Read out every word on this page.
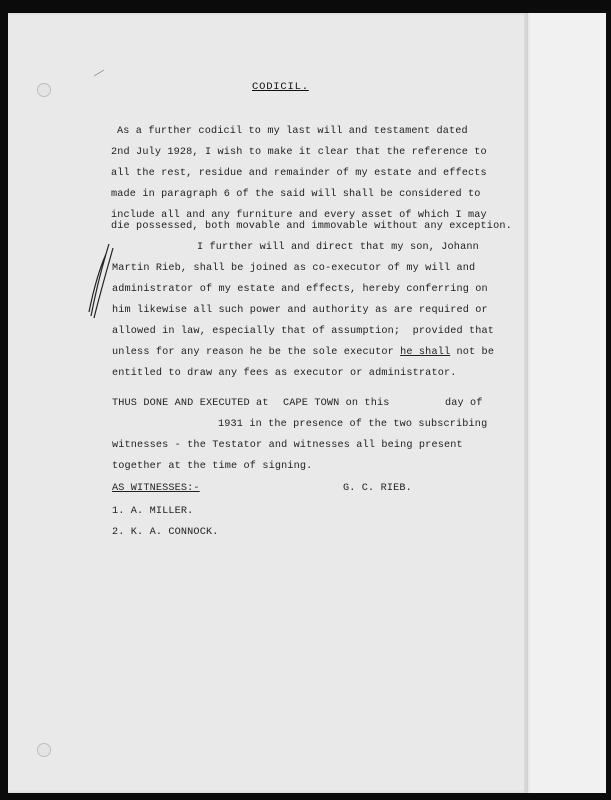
CODICIL.
As a further codicil to my last will and testament dated
2nd July 1928, I wish to make it clear that the reference to
all the rest, residue and remainder of my estate and effects
made in paragraph 6 of the said will shall be considered to
include all and any furniture and every asset of which I may
die possessed, both movable and immovable without any exception.
I further will and direct that my son, Johann
Martin Rieb, shall be joined as co-executor of my will and
administrator of my estate and effects, hereby conferring on
him likewise all such power and authority as are required or
allowed in law, especially that of assumption;  provided that
unless for any reason he be the sole executor he shall not be
entitled to draw any fees as executor or administrator.
THUS DONE AND EXECUTED at CAPE TOWN on this	day of
1931 in the presence of the two subscribing
witnesses - the Testator and witnesses all being present
together at the time of signing.
AS WITNESSES:-	G. C. RIEB.
1. A. MILLER.
2. K. A. CONNOCK.
